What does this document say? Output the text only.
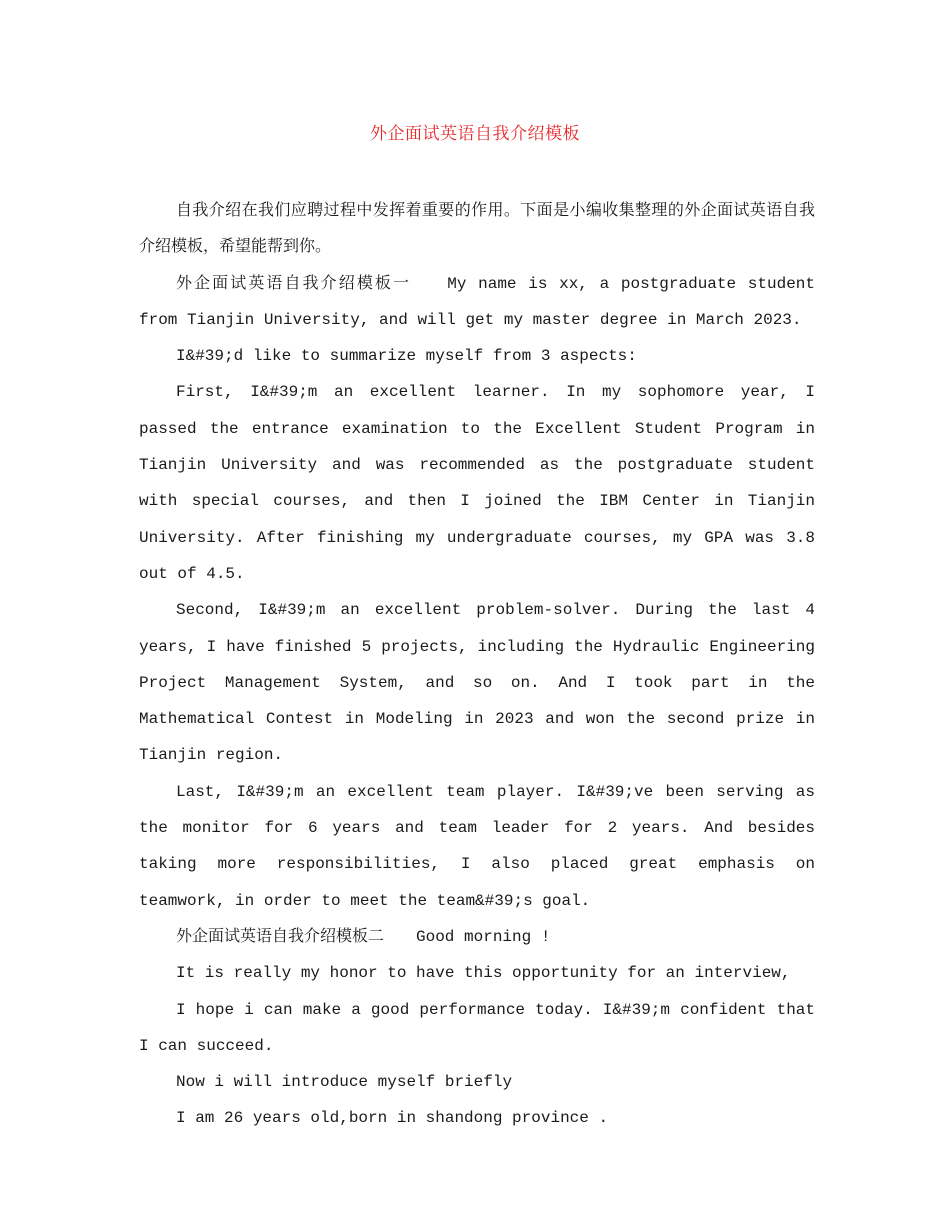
外企面试英语自我介绍模板

自我介绍在我们应聘过程中发挥着重要的作用。下面是小编收集整理的外企面试英语自我介绍模板，希望能帮到你。

外企面试英语自我介绍模板一　　My name is xx, a postgraduate student from Tianjin University, and will get my master degree in March 2023.

I&#39;d like to summarize myself from 3 aspects:

First, I&#39;m an excellent learner. In my sophomore year, I passed the entrance examination to the Excellent Student Program in Tianjin University and was recommended as the postgraduate student with special courses, and then I joined the IBM Center in Tianjin University. After finishing my undergraduate courses, my GPA was 3.8 out of 4.5.

Second, I&#39;m an excellent problem-solver. During the last 4 years, I have finished 5 projects, including the Hydraulic Engineering Project Management System, and so on. And I took part in the Mathematical Contest in Modeling in 2023 and won the second prize in Tianjin region.

Last, I&#39;m an excellent team player. I&#39;ve been serving as the monitor for 6 years and team leader for 2 years. And besides taking more responsibilities, I also placed great emphasis on teamwork, in order to meet the team&#39;s goal.

外企面试英语自我介绍模板二　　Good morning !

It is really my honor to have this opportunity for an interview,

I hope i can make a good performance today. I&#39;m confident that I can succeed.

Now i will introduce myself briefly

I am 26 years old,born in shandong province .
